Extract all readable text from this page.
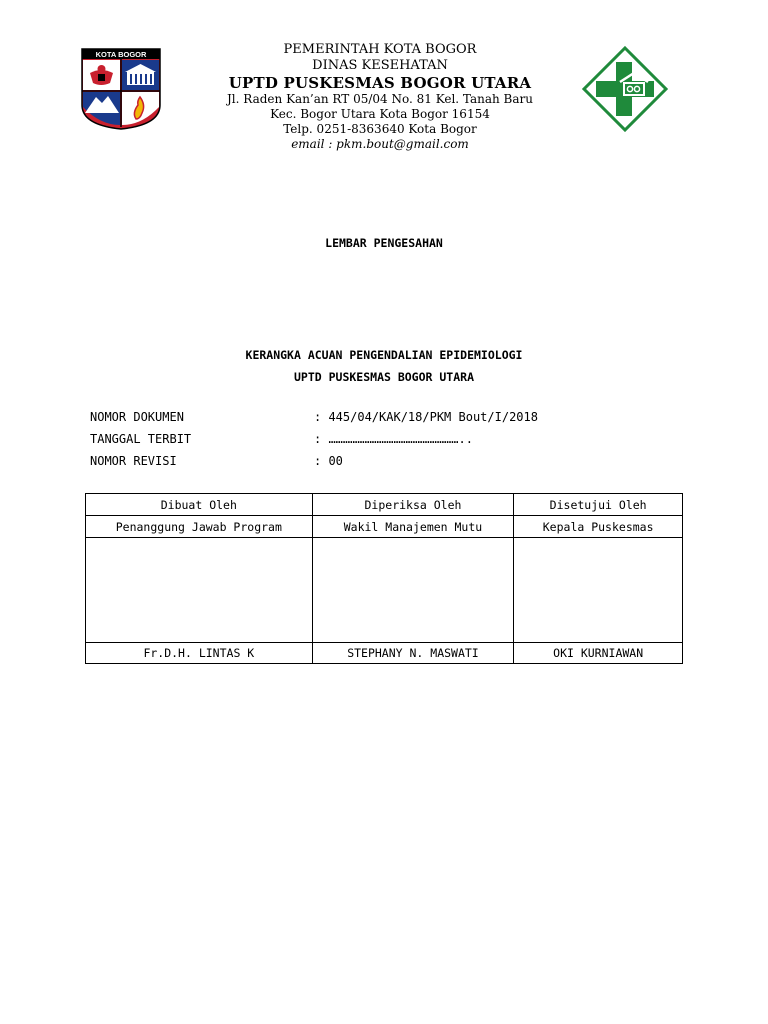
KOTA BOGOR	PEMERINTAH KOTA BOGOR
DINAS KESEHATAN
UPTD PUSKESMAS BOGOR UTARA
Jl. Raden Kan’an RT 05/04 No. 81 Kel. Tanah Baru
Kec. Bogor Utara Kota Bogor 16154
Telp. 0251-8363640 Kota Bogor
email : pkm.bout@gmail.com
LEMBAR PENGESAHAN
KERANGKA ACUAN PENGENDALIAN EPIDEMIOLOGI
UPTD PUSKESMAS BOGOR UTARA
NOMOR DOKUMEN	: 445/04/KAK/18/PKM Bout/I/2018
TANGGAL TERBIT	: ………………………………………………..
NOMOR REVISI	: 00
Dibuat Oleh	Diperiksa Oleh	Disetujui Oleh
Penanggung Jawab Program	Wakil Manajemen Mutu	Kepala Puskesmas

Fr.D.H. LINTAS K	STEPHANY N. MASWATI	OKI KURNIAWAN
